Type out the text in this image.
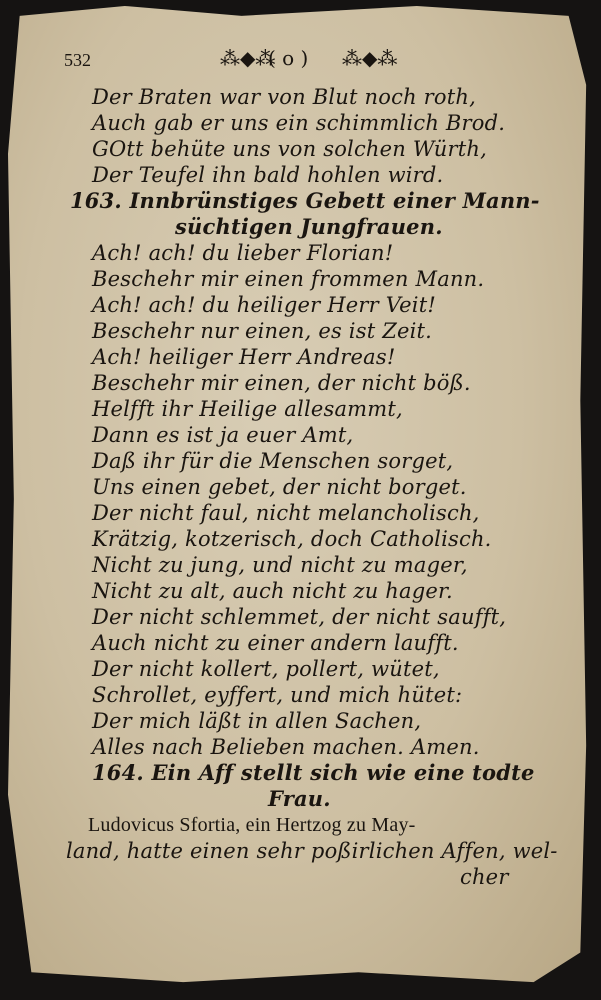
532	⁂◆⁂
( o ) ⁂◆⁂
Der Braten war von Blut noch roth,
Auch gab er uns ein schimmlich Brod.
GOtt behüte uns von solchen Würth,
Der Teufel ihn bald hohlen wird.
163. Innbrünstiges Gebett einer Mann-
süchtigen Jungfrauen.
Ach! ach! du lieber Florian!
Beschehr mir einen frommen Mann.
Ach! ach! du heiliger Herr Veit!
Beschehr nur einen, es ist Zeit.
Ach! heiliger Herr Andreas!
Beschehr mir einen, der nicht böß.
Helfft ihr Heilige allesammt,
Dann es ist ja euer Amt,
Daß ihr für die Menschen sorget,
Uns einen gebet, der nicht borget.
Der nicht faul, nicht melancholisch,
Krätzig, kotzerisch, doch Catholisch.
Nicht zu jung, und nicht zu mager,
Nicht zu alt, auch nicht zu hager.
Der nicht schlemmet, der nicht saufft,
Auch nicht zu einer andern laufft.
Der nicht kollert, pollert, wütet,
Schrollet, eyffert, und mich hütet:
Der mich läßt in allen Sachen,
Alles nach Belieben machen. Amen.
164. Ein Aff stellt sich wie eine todte
Frau.
Ludovicus Sfortia, ein Hertzog zu May-
land, hatte einen sehr poßirlichen Affen, wel-
cher
